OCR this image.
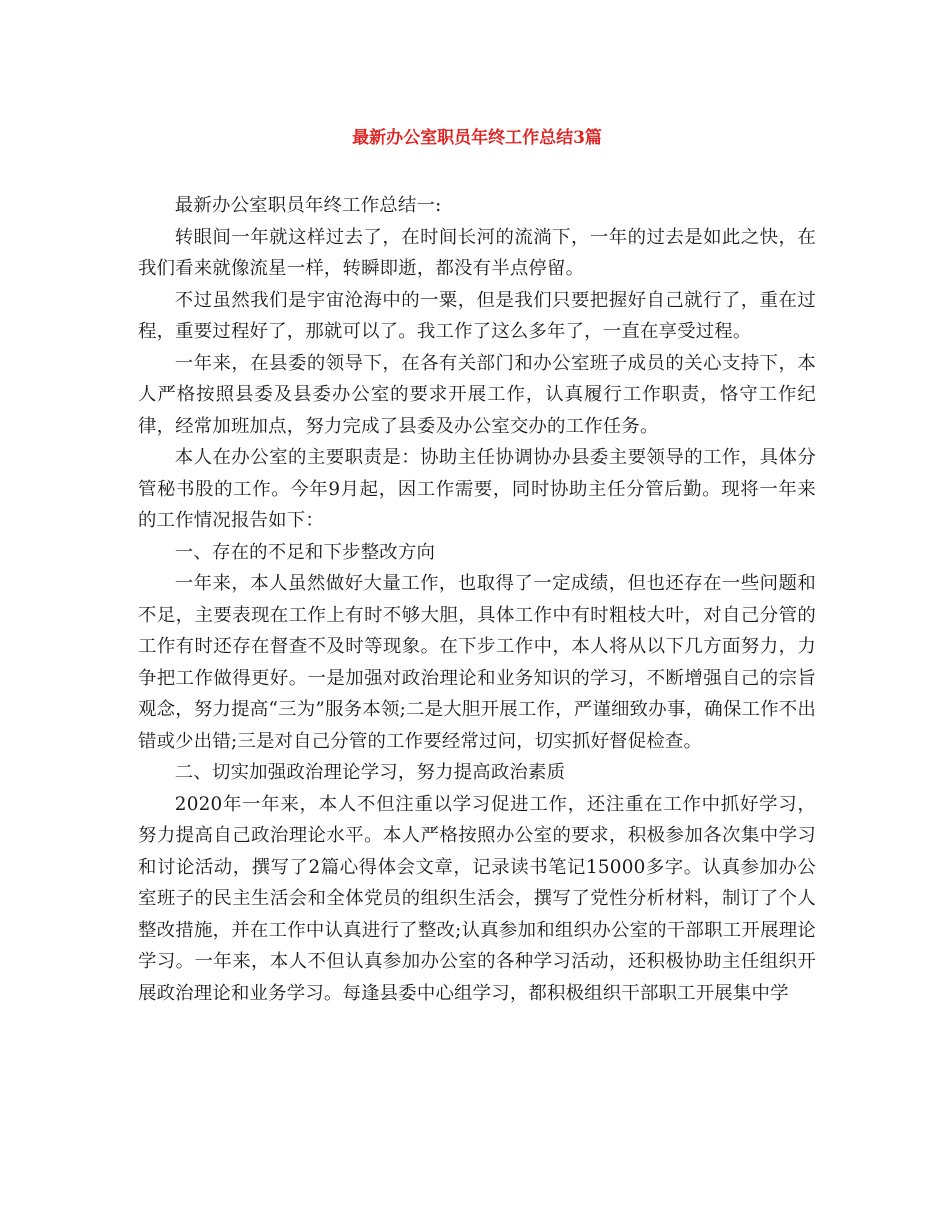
最新办公室职员年终工作总结3篇

最新办公室职员年终工作总结一:

转眼间一年就这样过去了，在时间长河的流淌下，一年的过去是如此之快，在我们看来就像流星一样，转瞬即逝，都没有半点停留。

不过虽然我们是宇宙沧海中的一粟，但是我们只要把握好自己就行了，重在过程，重要过程好了，那就可以了。我工作了这么多年了，一直在享受过程。

一年来，在县委的领导下，在各有关部门和办公室班子成员的关心支持下，本人严格按照县委及县委办公室的要求开展工作，认真履行工作职责，恪守工作纪律，经常加班加点，努力完成了县委及办公室交办的工作任务。

本人在办公室的主要职责是：协助主任协调协办县委主要领导的工作，具体分管秘书股的工作。今年9月起，因工作需要，同时协助主任分管后勤。现将一年来的工作情况报告如下：

一、存在的不足和下步整改方向

一年来，本人虽然做好大量工作，也取得了一定成绩，但也还存在一些问题和不足，主要表现在工作上有时不够大胆，具体工作中有时粗枝大叶，对自己分管的工作有时还存在督查不及时等现象。在下步工作中，本人将从以下几方面努力，力争把工作做得更好。一是加强对政治理论和业务知识的学习，不断增强自己的宗旨观念，努力提高“三为”服务本领;二是大胆开展工作，严谨细致办事，确保工作不出错或少出错;三是对自己分管的工作要经常过问，切实抓好督促检查。

二、切实加强政治理论学习，努力提高政治素质

2020年一年来，本人不但注重以学习促进工作，还注重在工作中抓好学习，努力提高自己政治理论水平。本人严格按照办公室的要求，积极参加各次集中学习和讨论活动，撰写了2篇心得体会文章，记录读书笔记15000多字。认真参加办公室班子的民主生活会和全体党员的组织生活会，撰写了党性分析材料，制订了个人整改措施，并在工作中认真进行了整改;认真参加和组织办公室的干部职工开展理论学习。一年来，本人不但认真参加办公室的各种学习活动，还积极协助主任组织开展政治理论和业务学习。每逢县委中心组学习，都积极组织干部职工开展集中学
